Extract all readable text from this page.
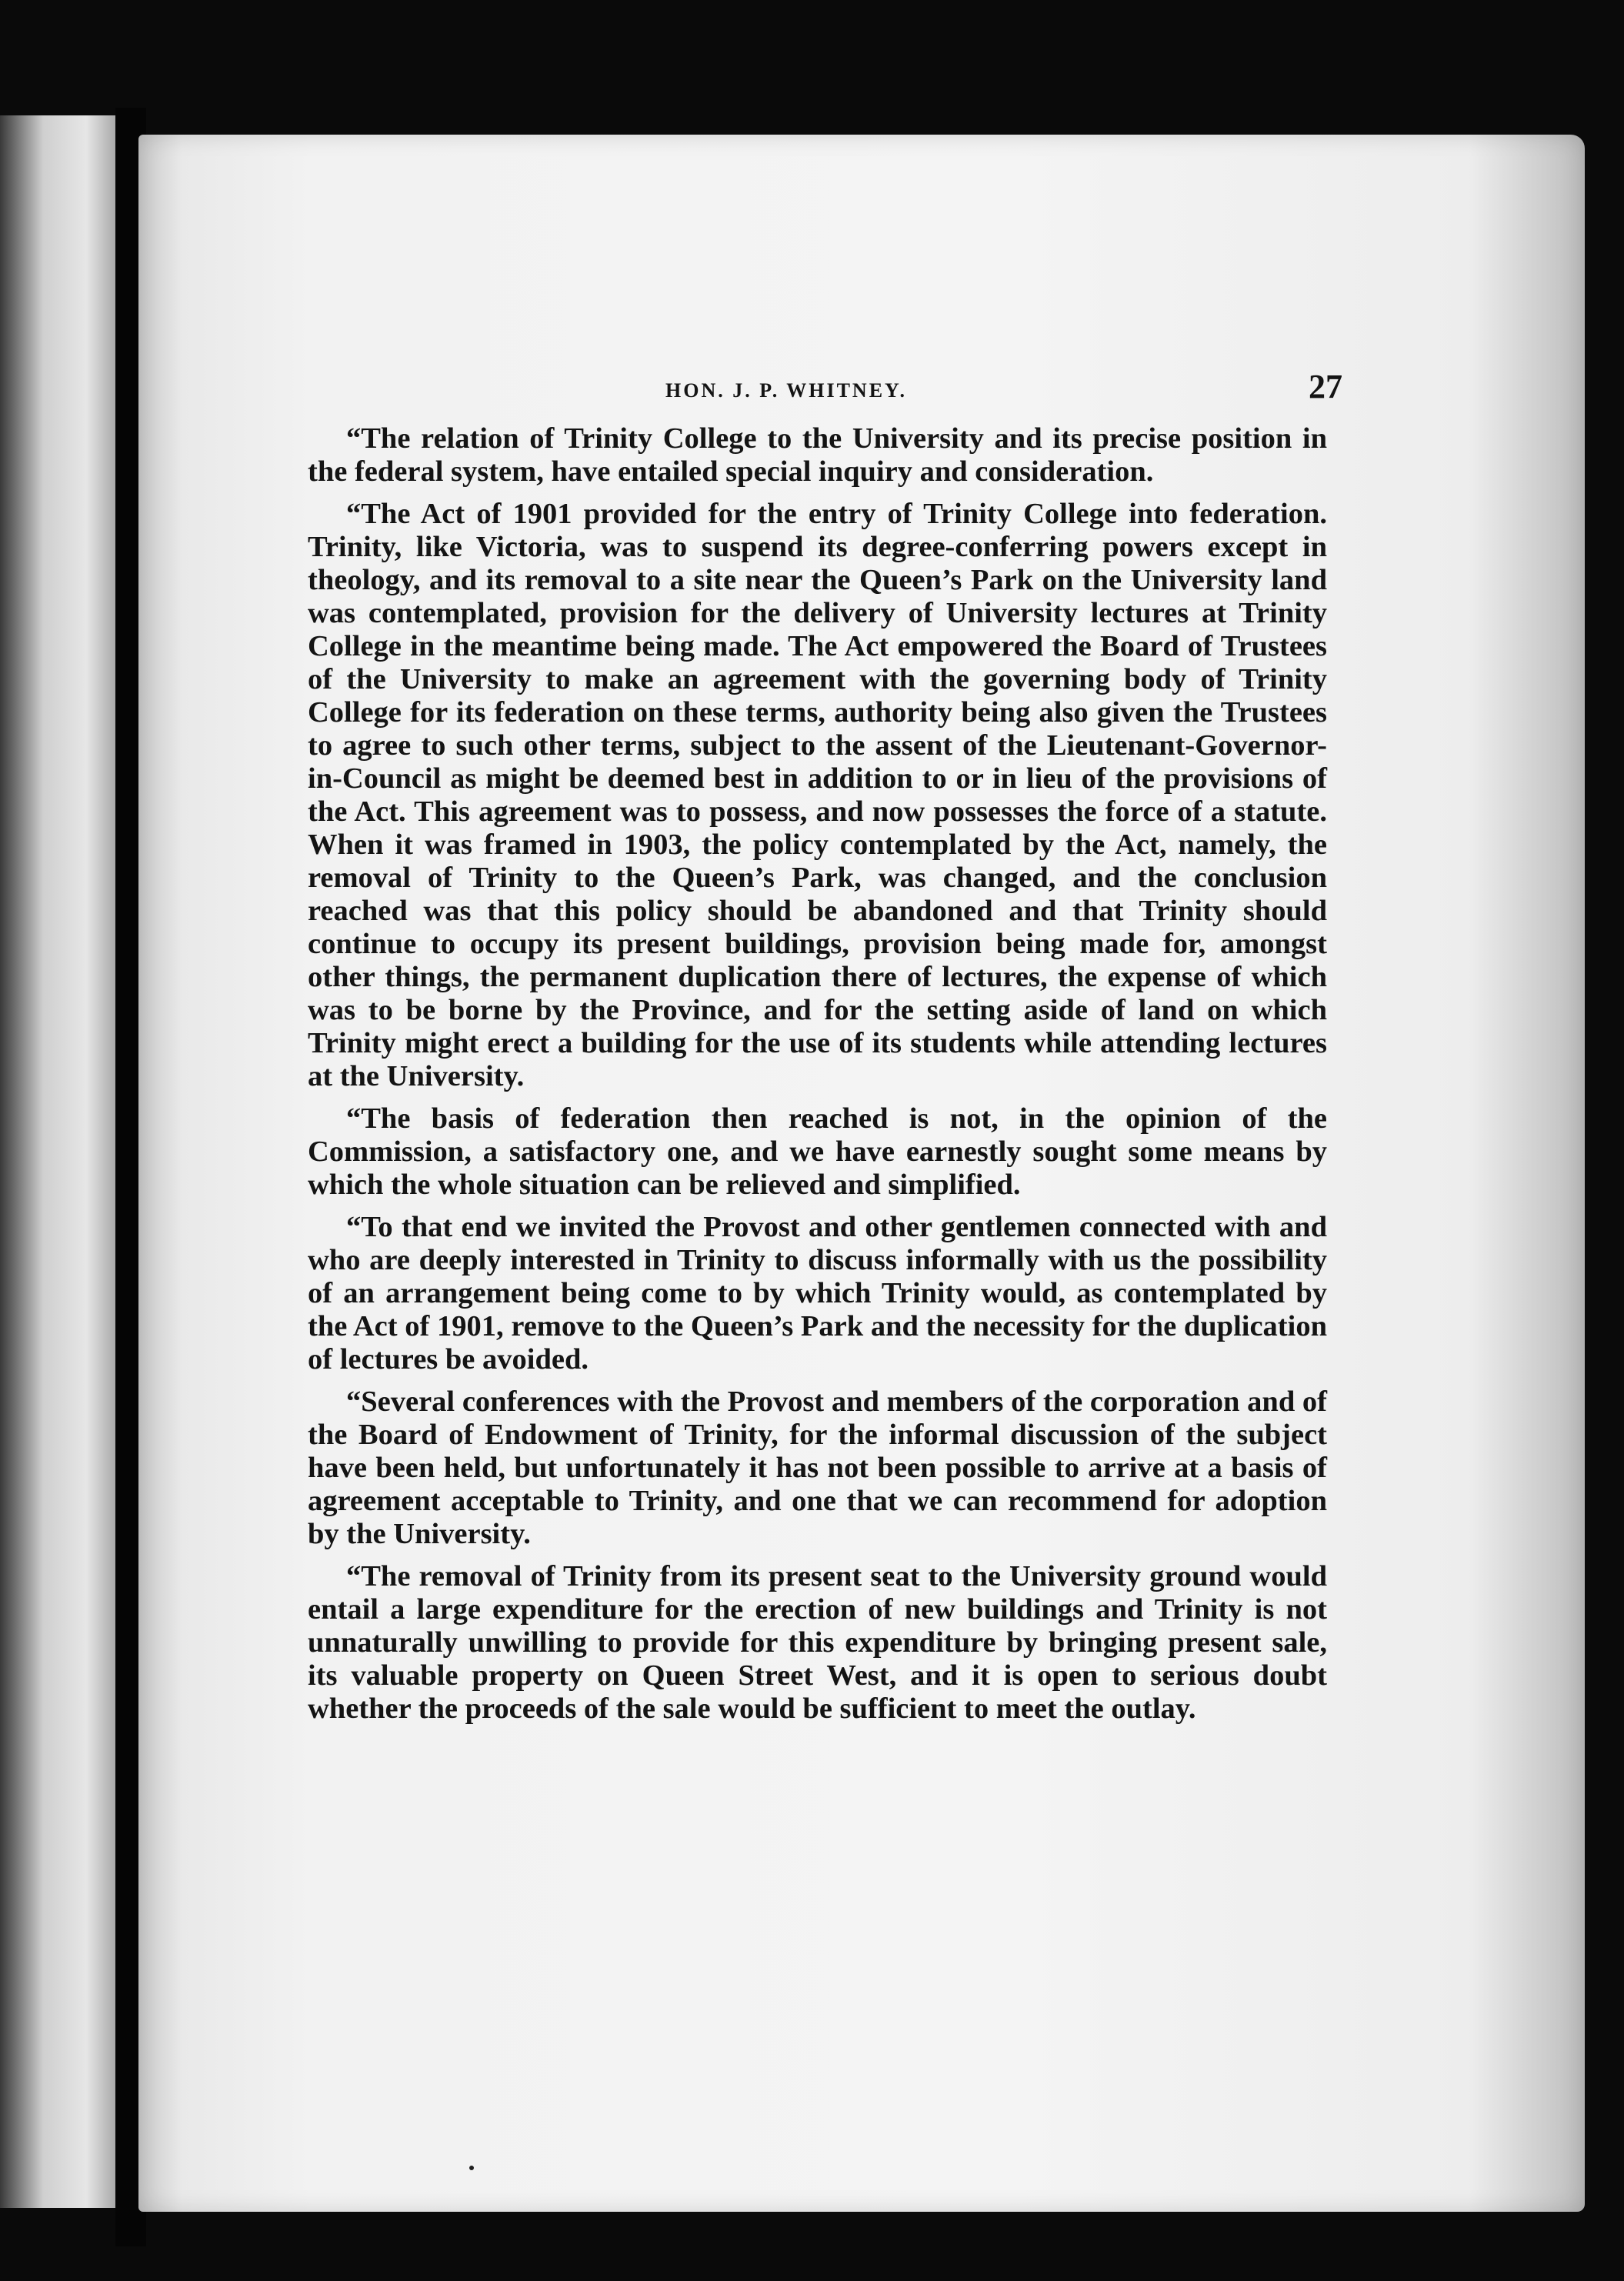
HON. J. P. WHITNEY.	27

“The relation of Trinity College to the University and its precise position in the federal system, have entailed special inquiry and consideration.

“The Act of 1901 provided for the entry of Trinity College into federation. Trinity, like Victoria, was to suspend its degree-conferring powers except in theology, and its removal to a site near the Queen’s Park on the University land was contemplated, provision for the delivery of University lectures at Trinity College in the meantime being made. The Act empowered the Board of Trustees of the University to make an agreement with the governing body of Trinity College for its federation on these terms, authority being also given the Trustees to agree to such other terms, subject to the assent of the Lieutenant-Governor-in-Council as might be deemed best in addition to or in lieu of the provisions of the Act. This agreement was to possess, and now possesses the force of a statute. When it was framed in 1903, the policy contemplated by the Act, namely, the removal of Trinity to the Queen’s Park, was changed, and the conclusion reached was that this policy should be abandoned and that Trinity should continue to occupy its present buildings, provision being made for, amongst other things, the permanent duplication there of lectures, the expense of which was to be borne by the Province, and for the setting aside of land on which Trinity might erect a building for the use of its students while attending lectures at the University.

“The basis of federation then reached is not, in the opinion of the Commission, a satisfactory one, and we have earnestly sought some means by which the whole situation can be relieved and simplified.

“To that end we invited the Provost and other gentlemen connected with and who are deeply interested in Trinity to discuss informally with us the possibility of an arrangement being come to by which Trinity would, as contemplated by the Act of 1901, remove to the Queen’s Park and the necessity for the duplication of lectures be avoided.

“Several conferences with the Provost and members of the corporation and of the Board of Endowment of Trinity, for the informal discussion of the subject have been held, but unfortunately it has not been possible to arrive at a basis of agreement acceptable to Trinity, and one that we can recommend for adoption by the University.

“The removal of Trinity from its present seat to the University ground would entail a large expenditure for the erection of new buildings and Trinity is not unnaturally unwilling to provide for this expenditure by bringing present sale, its valuable property on Queen Street West, and it is open to serious doubt whether the proceeds of the sale would be sufficient to meet the outlay.
